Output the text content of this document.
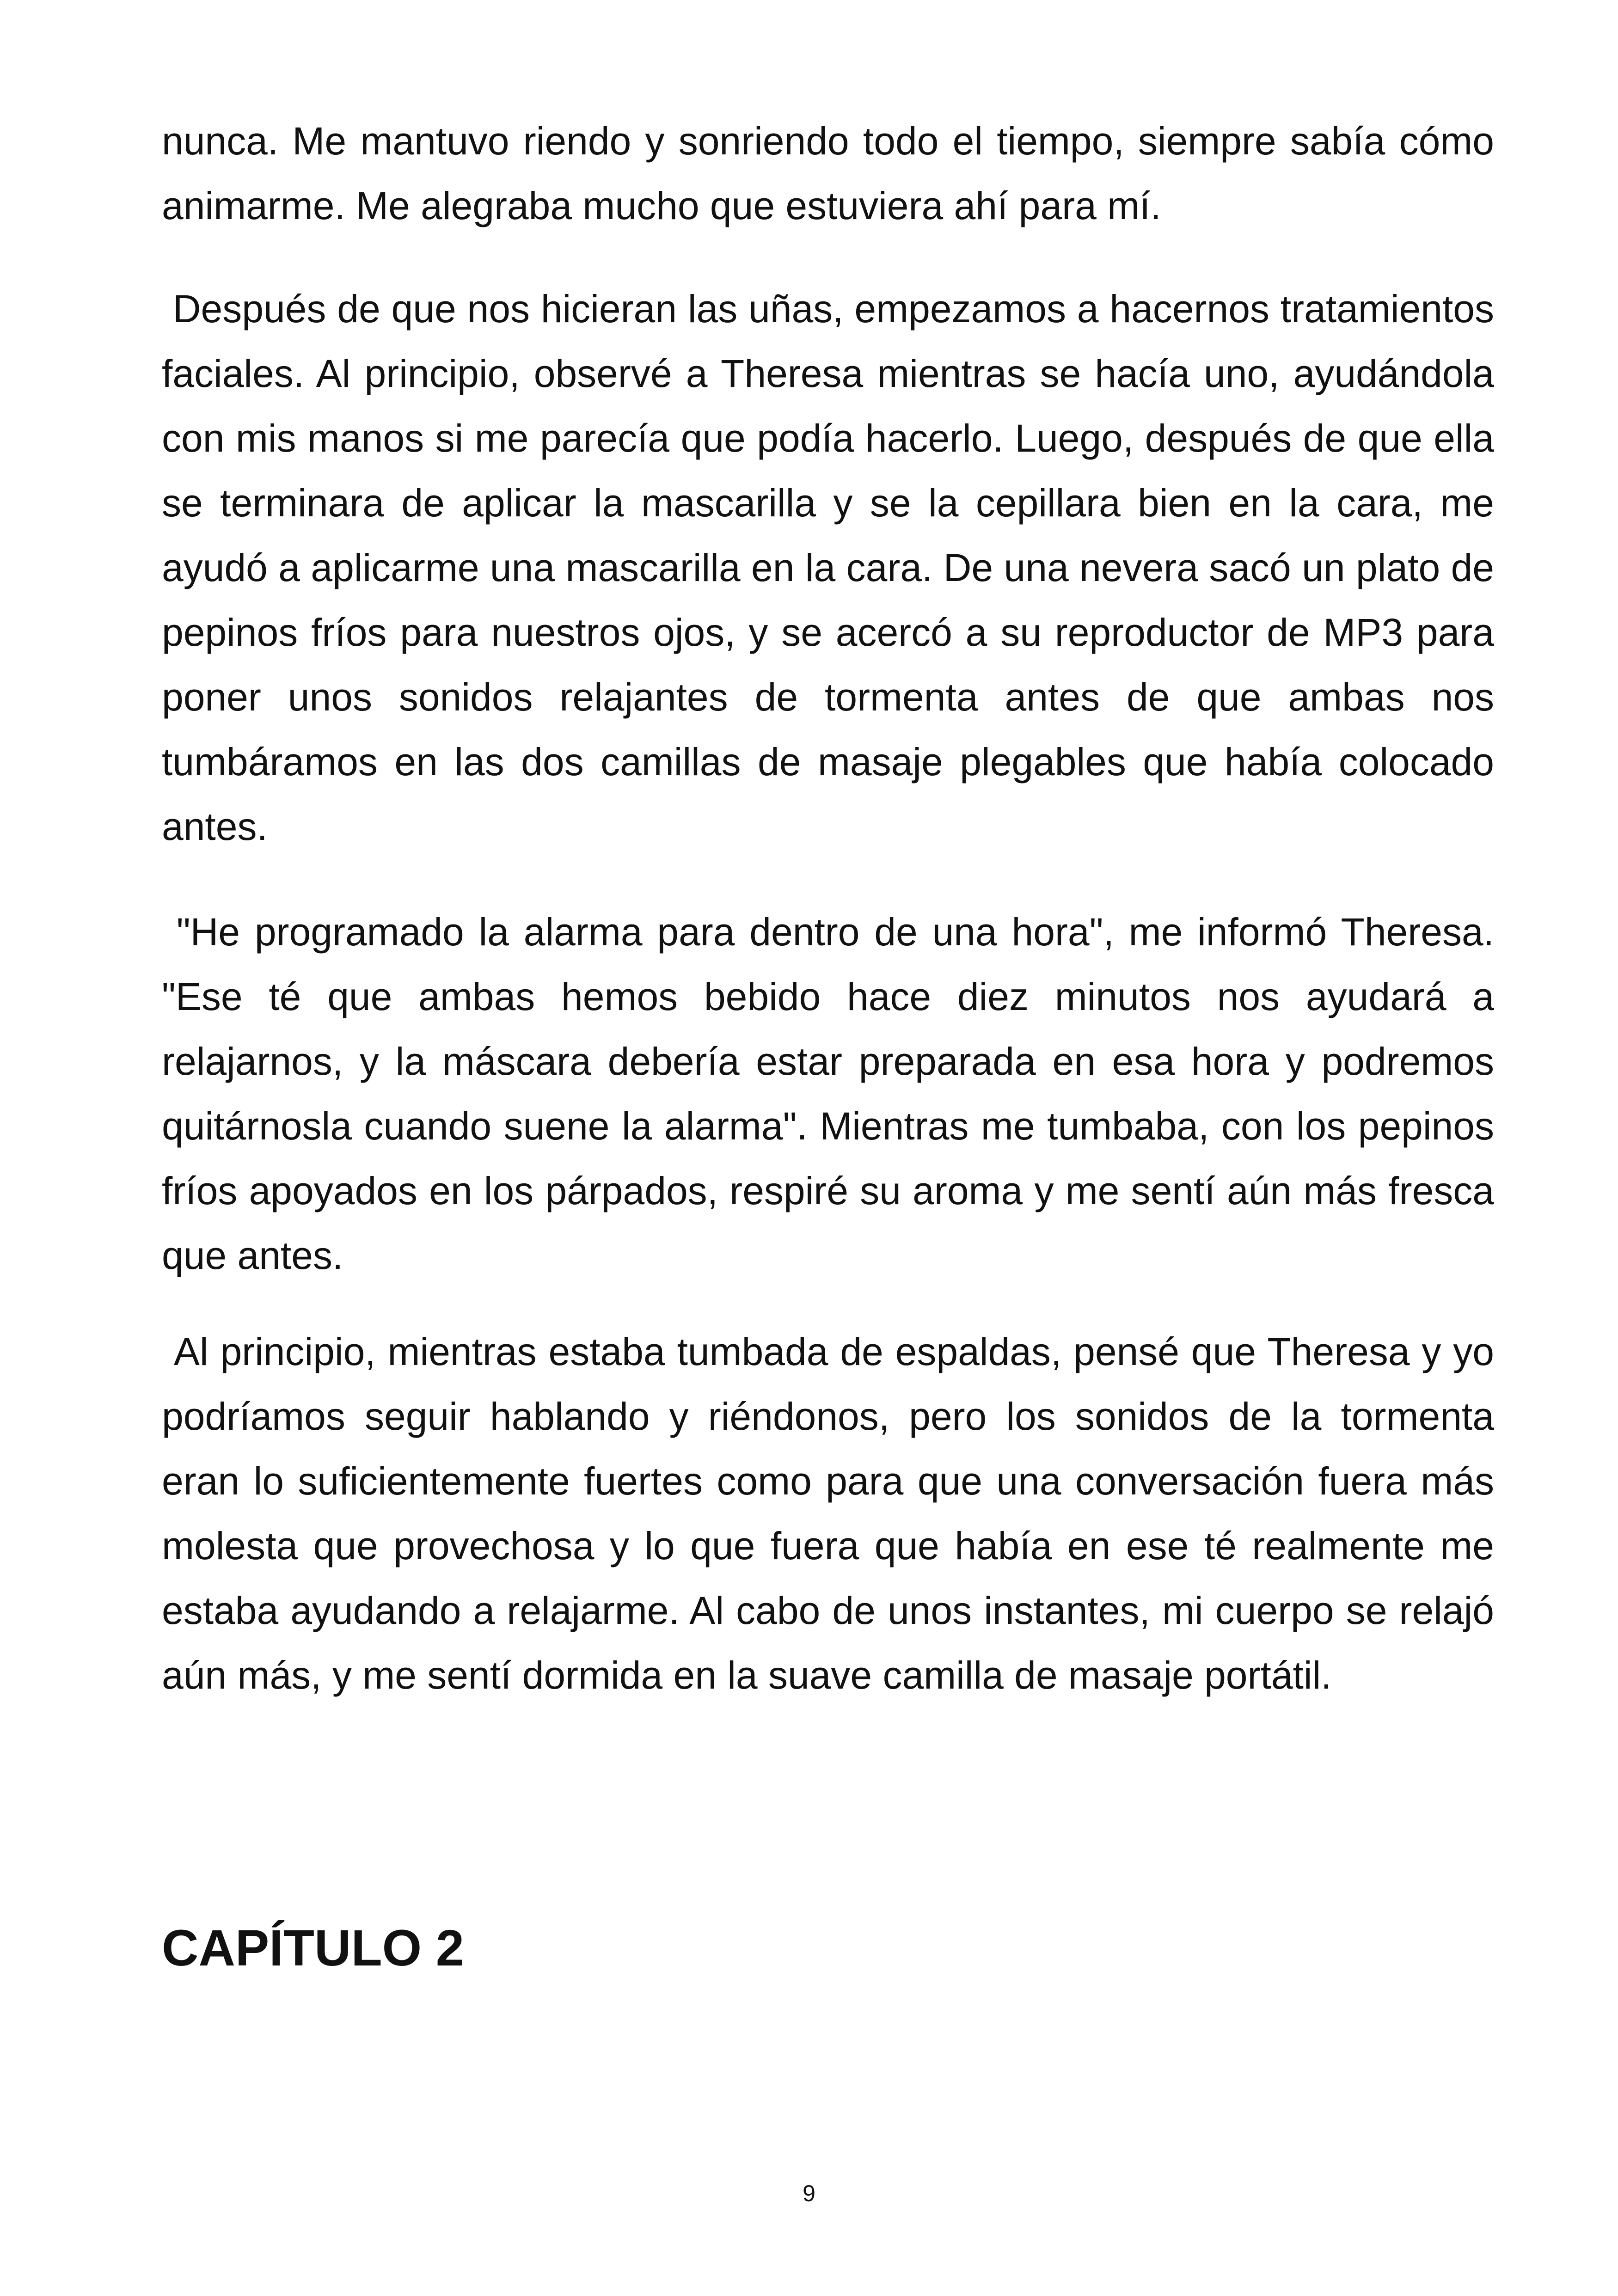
nunca. Me mantuvo riendo y sonriendo todo el tiempo, siempre sabía cómo animarme. Me alegraba mucho que estuviera ahí para mí.

Después de que nos hicieran las uñas, empezamos a hacernos tratamientos faciales. Al principio, observé a Theresa mientras se hacía uno, ayudándola con mis manos si me parecía que podía hacerlo. Luego, después de que ella se terminara de aplicar la mascarilla y se la cepillara bien en la cara, me ayudó a aplicarme una mascarilla en la cara. De una nevera sacó un plato de pepinos fríos para nuestros ojos, y se acercó a su reproductor de MP3 para poner unos sonidos relajantes de tormenta antes de que ambas nos tumbáramos en las dos camillas de masaje plegables que había colocado antes.

"He programado la alarma para dentro de una hora", me informó Theresa. "Ese té que ambas hemos bebido hace diez minutos nos ayudará a relajarnos, y la máscara debería estar preparada en esa hora y podremos quitárnosla cuando suene la alarma". Mientras me tumbaba, con los pepinos fríos apoyados en los párpados, respiré su aroma y me sentí aún más fresca que antes.

Al principio, mientras estaba tumbada de espaldas, pensé que Theresa y yo podríamos seguir hablando y riéndonos, pero los sonidos de la tormenta eran lo suficientemente fuertes como para que una conversación fuera más molesta que provechosa y lo que fuera que había en ese té realmente me estaba ayudando a relajarme. Al cabo de unos instantes, mi cuerpo se relajó aún más, y me sentí dormida en la suave camilla de masaje portátil.

CAPÍTULO 2
9
